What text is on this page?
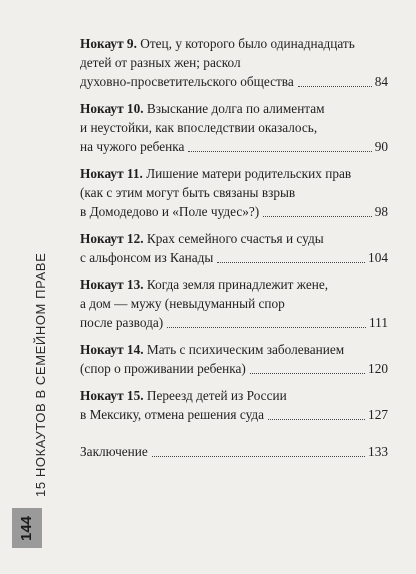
15 НОКАУТОВ В СЕМЕЙНОМ ПРАВЕ
144
Нокаут 9. Отец, у которого было одинаднадцать
детей от разных жен; раскол
духовно-просветительского общества	84
Нокаут 10. Взыскание долга по алиментам
и неустойки, как впоследствии оказалось,
на чужого ребенка	90
Нокаут 11. Лишение матери родительских прав
(как с этим могут быть связаны взрыв
в Домодедово и «Поле чудес»?)	98
Нокаут 12. Крах семейного счастья и суды
с альфонсом из Канады	104
Нокаут 13. Когда земля принадлежит жене,
а дом — мужу (невыдуманный спор
после развода)	111
Нокаут 14. Мать с психическим заболеванием
(спор о проживании ребенка)	120
Нокаут 15. Переезд детей из России
в Мексику, отмена решения суда	127
Заключение	133
